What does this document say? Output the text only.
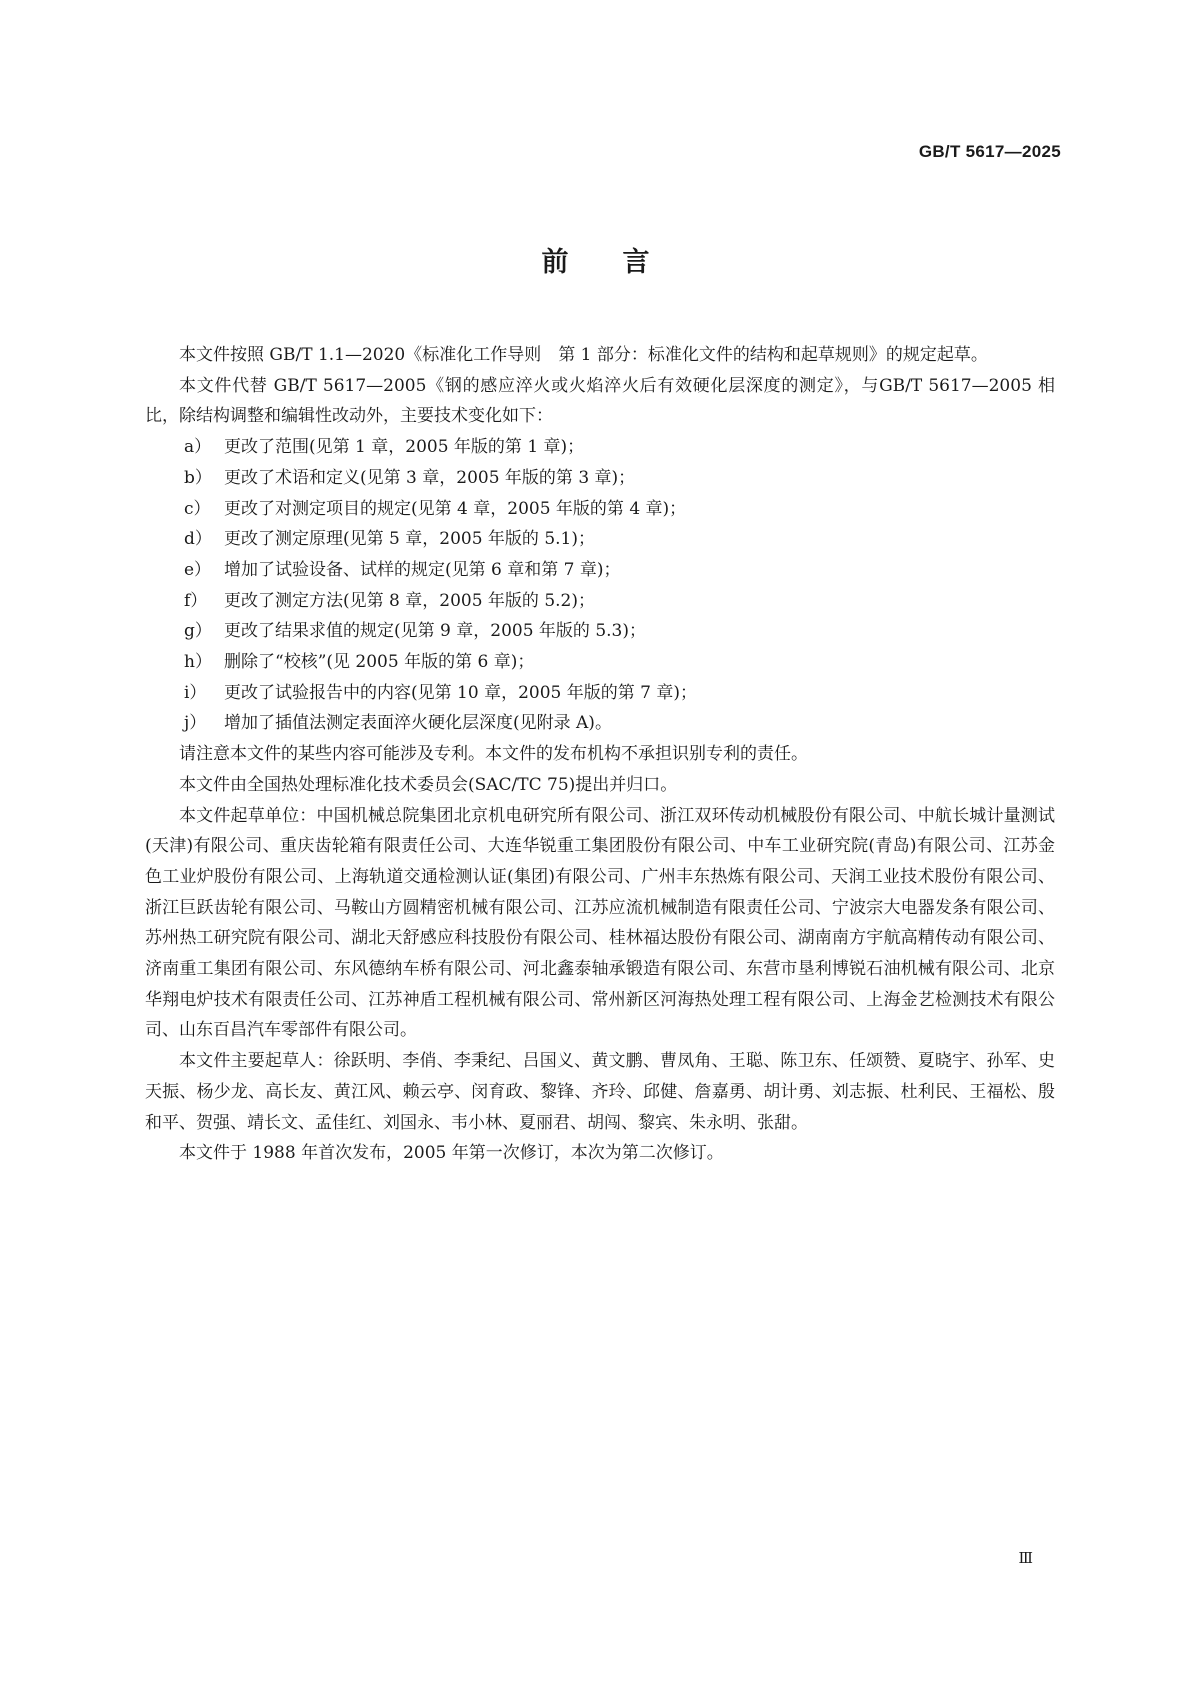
GB/T 5617—2025
前 言

本文件按照 GB/T 1.1—2020《标准化工作导则　第 1 部分：标准化文件的结构和起草规则》的规定起草。

本文件代替 GB/T 5617—2005《钢的感应淬火或火焰淬火后有效硬化层深度的测定》，与GB/T 5617—2005 相比，除结构调整和编辑性改动外，主要技术变化如下：

a） 更改了范围(见第 1 章，2005 年版的第 1 章)；

b） 更改了术语和定义(见第 3 章，2005 年版的第 3 章)；

c） 更改了对测定项目的规定(见第 4 章，2005 年版的第 4 章)；

d） 更改了测定原理(见第 5 章，2005 年版的 5.1)；

e） 增加了试验设备、试样的规定(见第 6 章和第 7 章)；

f） 更改了测定方法(见第 8 章，2005 年版的 5.2)；

g） 更改了结果求值的规定(见第 9 章，2005 年版的 5.3)；

h） 删除了“校核”(见 2005 年版的第 6 章)；

i）	更改了试验报告中的内容(见第 10 章，2005 年版的第 7 章)；

j）	增加了插值法测定表面淬火硬化层深度(见附录 A)。

请注意本文件的某些内容可能涉及专利。本文件的发布机构不承担识别专利的责任。

本文件由全国热处理标准化技术委员会(SAC/TC 75)提出并归口。

本文件起草单位：中国机械总院集团北京机电研究所有限公司、浙江双环传动机械股份有限公司、中航长城计量测试(天津)有限公司、重庆齿轮箱有限责任公司、大连华锐重工集团股份有限公司、中车工业研究院(青岛)有限公司、江苏金色工业炉股份有限公司、上海轨道交通检测认证(集团)有限公司、广州丰东热炼有限公司、天润工业技术股份有限公司、浙江巨跃齿轮有限公司、马鞍山方圆精密机械有限公司、江苏应流机械制造有限责任公司、宁波宗大电器发条有限公司、苏州热工研究院有限公司、湖北天舒感应科技股份有限公司、桂林福达股份有限公司、湖南南方宇航高精传动有限公司、济南重工集团有限公司、东风德纳车桥有限公司、河北鑫泰轴承锻造有限公司、东营市垦利博锐石油机械有限公司、北京华翔电炉技术有限责任公司、江苏神盾工程机械有限公司、常州新区河海热处理工程有限公司、上海金艺检测技术有限公司、山东百昌汽车零部件有限公司。

本文件主要起草人：徐跃明、李俏、李秉纪、吕国义、黄文鹏、曹凤角、王聪、陈卫东、任颂赞、夏晓宇、孙军、史天振、杨少龙、高长友、黄江风、赖云亭、闵育政、黎锋、齐玲、邱健、詹嘉勇、胡计勇、刘志振、杜利民、王福松、殷和平、贺强、靖长文、孟佳红、刘国永、韦小林、夏丽君、胡闯、黎宾、朱永明、张甜。

本文件于 1988 年首次发布，2005 年第一次修订，本次为第二次修订。

Ⅲ
